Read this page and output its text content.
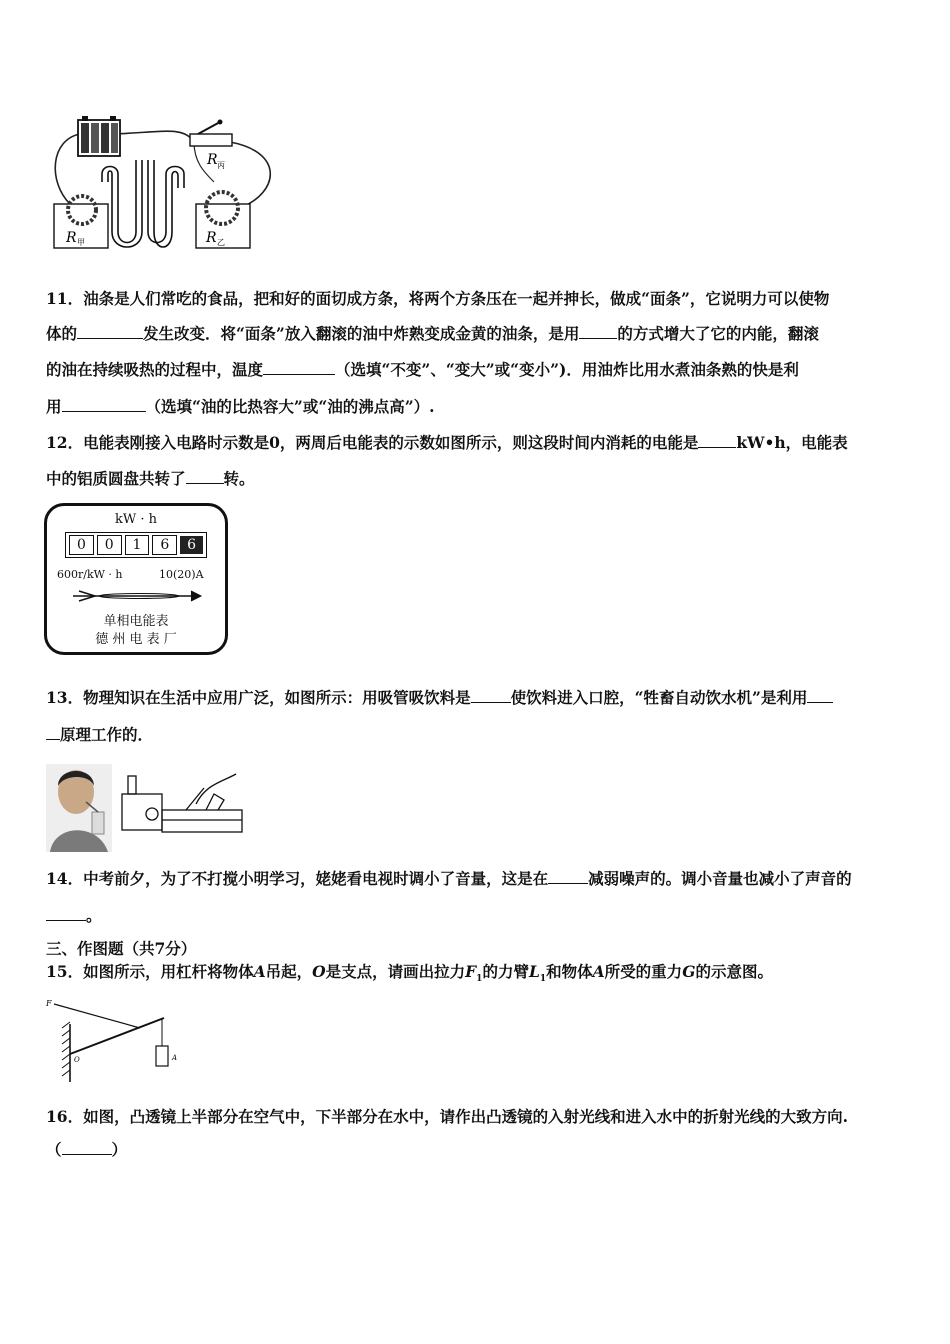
R 丙
R 甲	R 乙
11．油条是人们常吃的食品，把和好的面切成方条，将两个方条压在一起并抻长，做成“面条”，它说明力可以使物
体的	发生改变．将“面条”放入翻滚的油中炸熟变成金黄的油条，是用 的方式增大了它的内能，翻滚
的油在持续吸热的过程中，温度	（选填“不变”、“变大”或“变小”)．用油炸比用水煮油条熟的快是利
用	（选填“油的比热容大”或“油的沸点高”）.
12．电能表刚接入电路时示数是0，两周后电能表的示数如图所示，则这段时间内消耗的电能是 kW•h，电能表
中的铝质圆盘共转了 转。
kW · h
0	0	1	6	6
600r/kW · h	10(20)A
单相电能表
德 州 电 表 厂
13．物理知识在生活中应用广泛，如图所示：用吸管吸饮料是	使饮料进入口腔，“牲畜自动饮水机”是利用
原理工作的．
14．中考前夕，为了不打搅小明学习，姥姥看电视时调小了音量，这是在	减弱噪声的。调小音量也减小了声音的
。
三、作图题（共7分）
15．如图所示，用杠杆将物体A吊起，O是支点，请画出拉力$F_1$的力臂$L_1$和物体A所受的重力G的示意图。
F
O	A
16．如图，凸透镜上半部分在空气中，下半部分在水中，请作出凸透镜的入射光线和进入水中的折射光线的大致方向.
（	）
